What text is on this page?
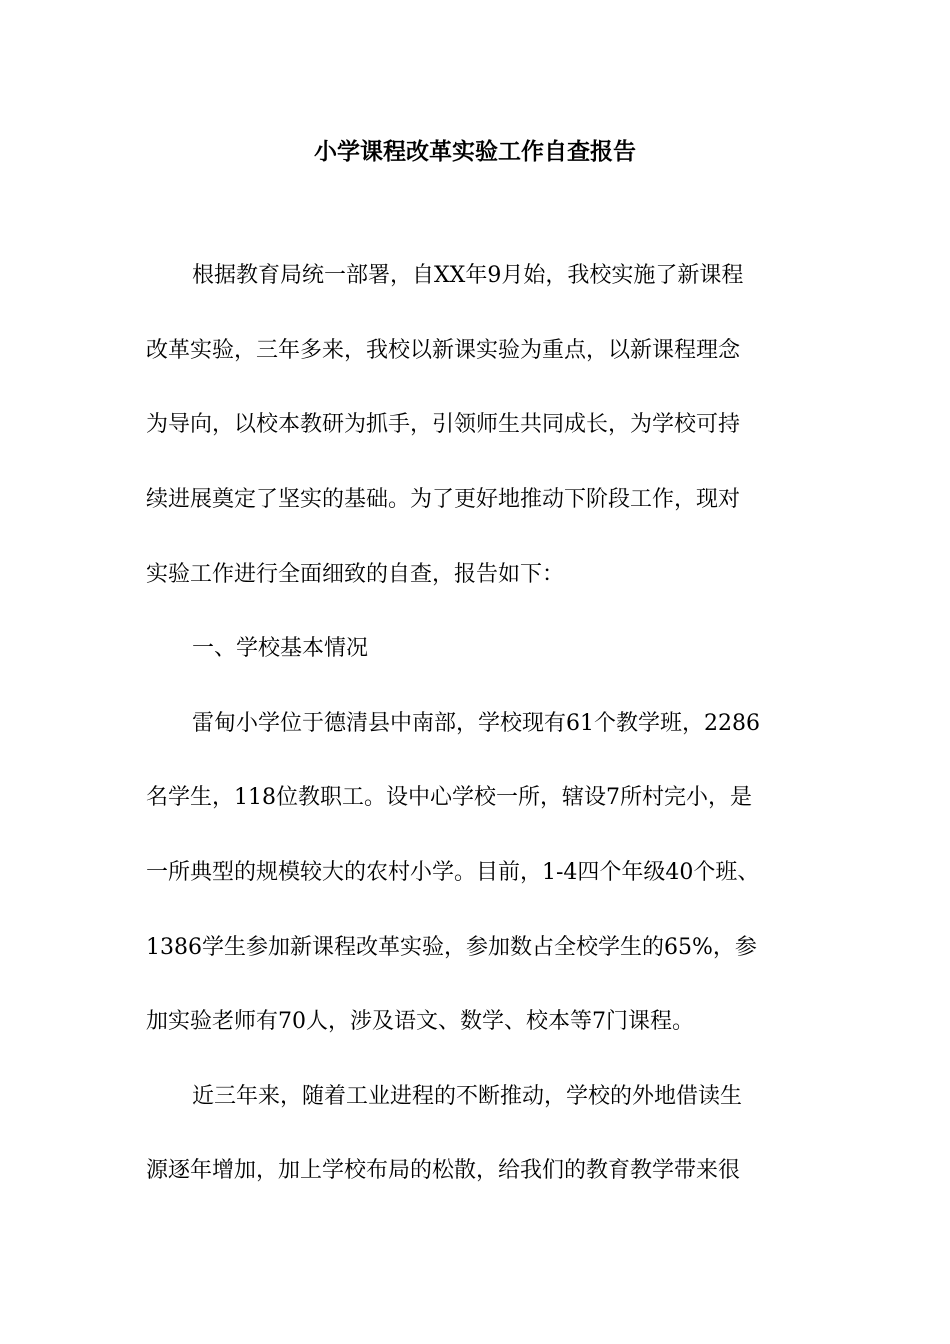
小学课程改革实验工作自查报告
根据教育局统一部署，自XX年9月始，我校实施了新课程
改革实验，三年多来，我校以新课实验为重点，以新课程理念
为导向，以校本教研为抓手，引领师生共同成长，为学校可持
续进展奠定了坚实的基础。为了更好地推动下阶段工作，现对
实验工作进行全面细致的自查，报告如下：
一、学校基本情况
雷甸小学位于德清县中南部，学校现有61个教学班，2286
名学生，118位教职工。设中心学校一所，辖设7所村完小，是
一所典型的规模较大的农村小学。目前，1-4四个年级40个班、
1386学生参加新课程改革实验，参加数占全校学生的65%，参
加实验老师有70人，涉及语文、数学、校本等7门课程。
近三年来，随着工业进程的不断推动，学校的外地借读生
源逐年增加，加上学校布局的松散，给我们的教育教学带来很
